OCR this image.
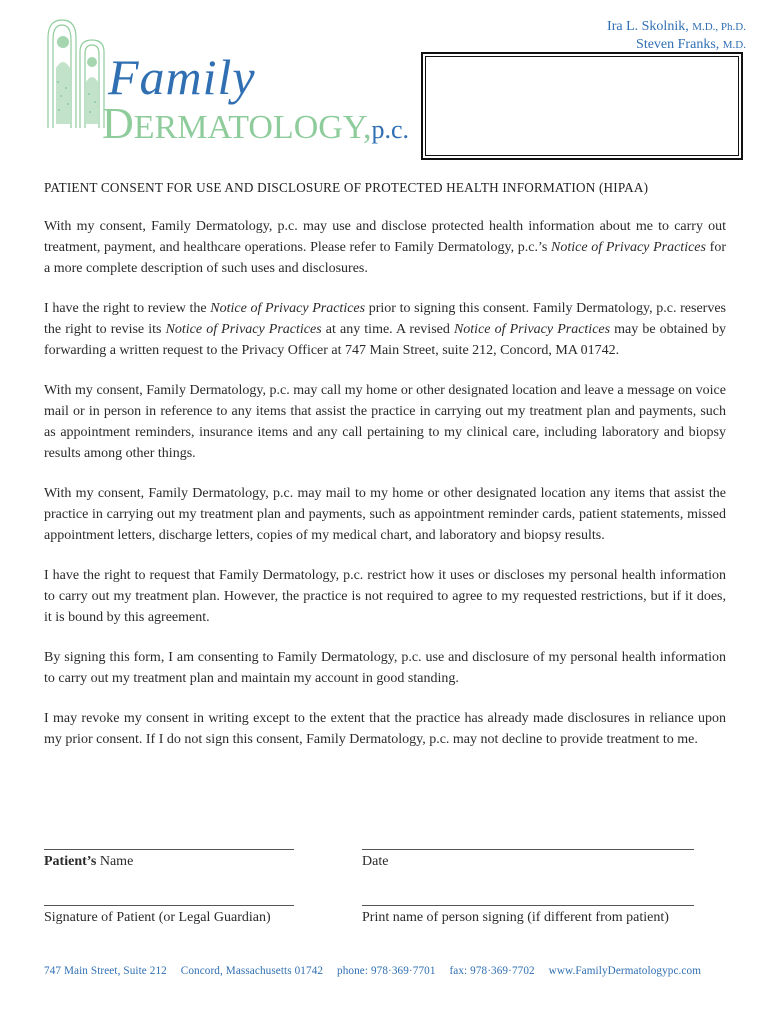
Family
DERMATOLOGY,p.c.
Ira L. Skolnik, M.D., Ph.D.
Steven Franks, M.D.
PATIENT CONSENT FOR USE AND DISCLOSURE OF PROTECTED HEALTH INFORMATION (HIPAA)

With my consent, Family Dermatology, p.c. may use and disclose protected health information about me to carry out treatment, payment, and healthcare operations. Please refer to Family Dermatology, p.c.’s Notice of Privacy Practices for a more complete description of such uses and disclosures.

I have the right to review the Notice of Privacy Practices prior to signing this consent. Family Dermatology, p.c. reserves the right to revise its Notice of Privacy Practices at any time. A revised Notice of Privacy Practices may be obtained by forwarding a written request to the Privacy Officer at 747 Main Street, suite 212, Concord, MA 01742.

With my consent, Family Dermatology, p.c. may call my home or other designated location and leave a message on voice mail or in person in reference to any items that assist the practice in carrying out my treatment plan and payments, such as appointment reminders, insurance items and any call pertaining to my clinical care, including laboratory and biopsy results among other things.

With my consent, Family Dermatology, p.c. may mail to my home or other designated location any items that assist the practice in carrying out my treatment plan and payments, such as appointment reminder cards, patient statements, missed appointment letters, discharge letters, copies of my medical chart, and laboratory and biopsy results.

I have the right to request that Family Dermatology, p.c. restrict how it uses or discloses my personal health information to carry out my treatment plan. However, the practice is not required to agree to my requested restrictions, but if it does, it is bound by this agreement.

By signing this form, I am consenting to Family Dermatology, p.c. use and disclosure of my personal health information to carry out my treatment plan and maintain my account in good standing.

I may revoke my consent in writing except to the extent that the practice has already made disclosures in reliance upon my prior consent. If I do not sign this consent, Family Dermatology, p.c. may not decline to provide treatment to me.

Patient’s Name	Date
Signature of Patient (or Legal Guardian)	Print name of person signing (if different from patient)
747 Main Street, Suite 212 Concord, Massachusetts 01742 phone: 978·369·7701 fax: 978·369·7702 www.FamilyDermatologypc.com
